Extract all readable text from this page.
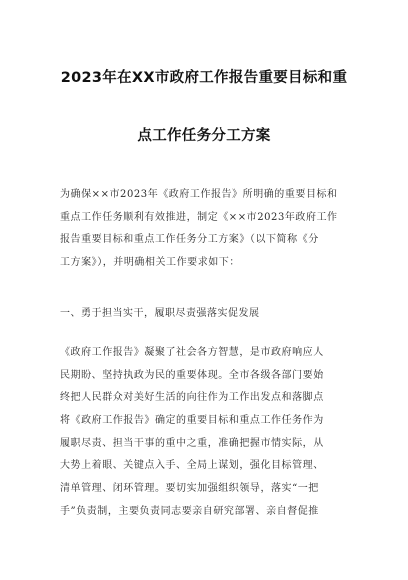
2023年在XX市政府工作报告重要目标和重
点工作任务分工方案
为确保××市2023年《政府工作报告》所明确的重要目标和
重点工作任务顺利有效推进，制定《××市2023年政府工作
报告重要目标和重点工作任务分工方案》（以下简称《分
工方案》），并明确相关工作要求如下：
一、勇于担当实干，履职尽责强落实促发展
《政府工作报告》凝聚了社会各方智慧，是市政府响应人
民期盼、坚持执政为民的重要体现。全市各级各部门要始
终把人民群众对美好生活的向往作为工作出发点和落脚点
将《政府工作报告》确定的重要目标和重点工作任务作为
履职尽责、担当干事的重中之重，准确把握市情实际，从
大势上着眼、关键点入手、全局上谋划，强化目标管理、
清单管理、闭环管理。要切实加强组织领导，落实“一把
手”负责制，主要负责同志要亲自研究部署、亲自督促推
